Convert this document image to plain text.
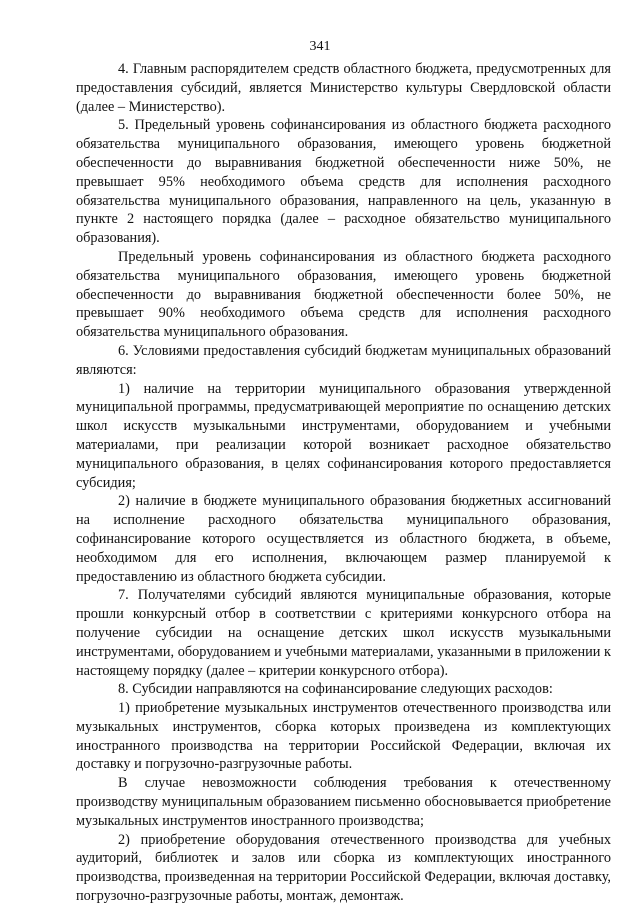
341

4. Главным распорядителем средств областного бюджета, предусмотренных для предоставления субсидий, является Министерство культуры Свердловской области (далее – Министерство).

5. Предельный уровень софинансирования из областного бюджета расходного обязательства муниципального образования, имеющего уровень бюджетной обеспеченности до выравнивания бюджетной обеспеченности ниже 50%, не превышает 95% необходимого объема средств для исполнения расходного обязательства муниципального образования, направленного на цель, указанную в пункте 2 настоящего порядка (далее – расходное обязательство муниципального образования).

Предельный уровень софинансирования из областного бюджета расходного обязательства муниципального образования, имеющего уровень бюджетной обеспеченности до выравнивания бюджетной обеспеченности более 50%, не превышает 90% необходимого объема средств для исполнения расходного обязательства муниципального образования.

6. Условиями предоставления субсидий бюджетам муниципальных образований являются:

1) наличие на территории муниципального образования утвержденной муниципальной программы, предусматривающей мероприятие по оснащению детских школ искусств музыкальными инструментами, оборудованием и учебными материалами, при реализации которой возникает расходное обязательство муниципального образования, в целях софинансирования которого предоставляется субсидия;

2) наличие в бюджете муниципального образования бюджетных ассигнований на исполнение расходного обязательства муниципального образования, софинансирование которого осуществляется из областного бюджета, в объеме, необходимом для его исполнения, включающем размер планируемой к предоставлению из областного бюджета субсидии.

7. Получателями субсидий являются муниципальные образования, которые прошли конкурсный отбор в соответствии с критериями конкурсного отбора на получение субсидии на оснащение детских школ искусств музыкальными инструментами, оборудованием и учебными материалами, указанными в приложении к настоящему порядку (далее – критерии конкурсного отбора).

8. Субсидии направляются на софинансирование следующих расходов:

1) приобретение музыкальных инструментов отечественного производства или музыкальных инструментов, сборка которых произведена из комплектующих иностранного производства на территории Российской Федерации, включая их доставку и погрузочно-разгрузочные работы.

В случае невозможности соблюдения требования к отечественному производству муниципальным образованием письменно обосновывается приобретение музыкальных инструментов иностранного производства;

2) приобретение оборудования отечественного производства для учебных аудиторий, библиотек и залов или сборка из комплектующих иностранного производства, произведенная на территории Российской Федерации, включая доставку, погрузочно-разгрузочные работы, монтаж, демонтаж.
